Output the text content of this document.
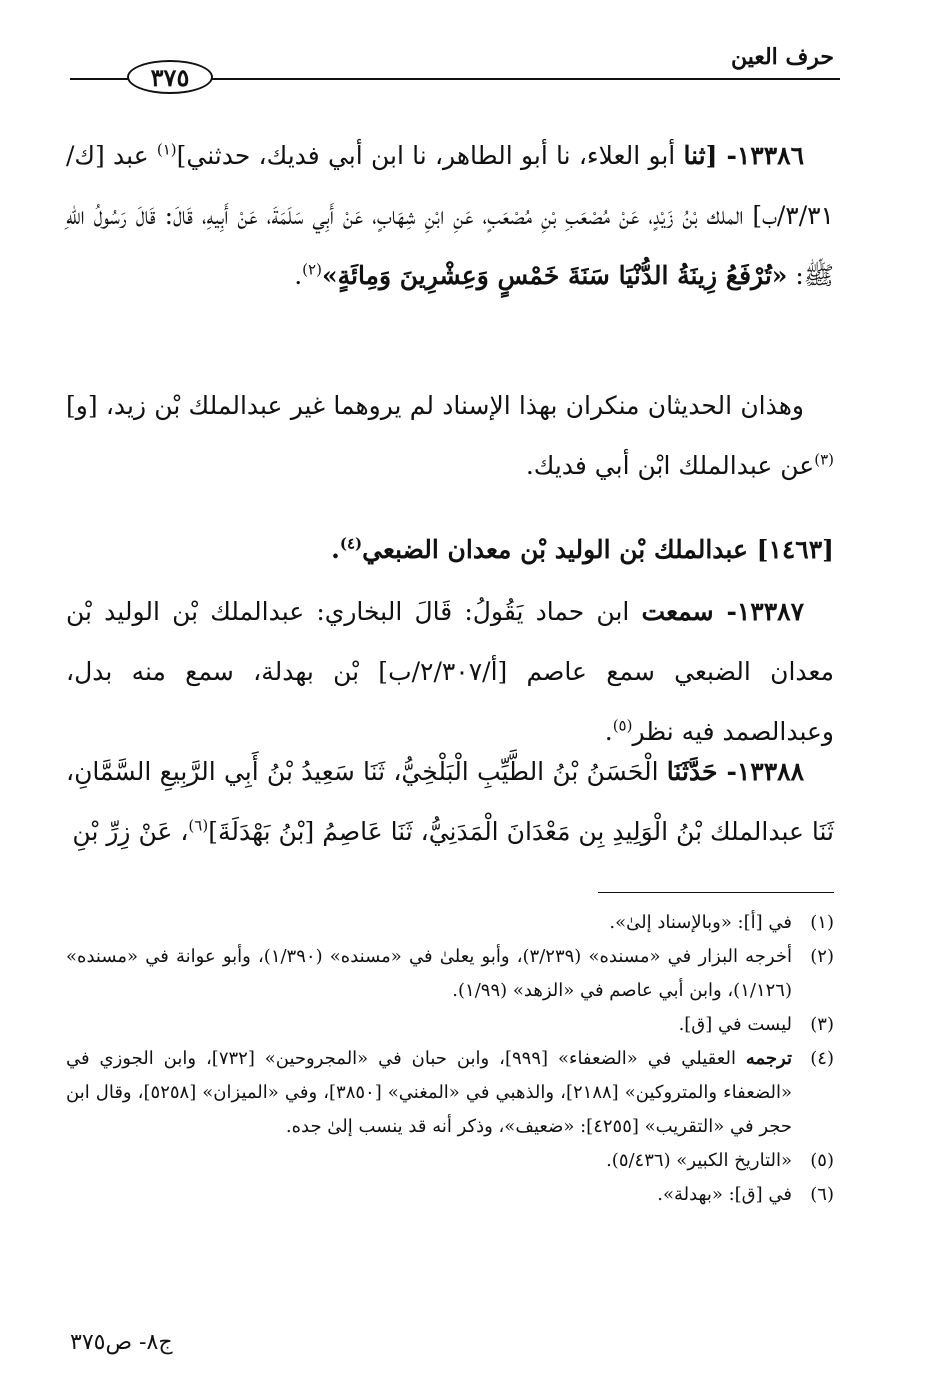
حرف العين
٣٧٥

١٣٣٨٦- [ثنا أبو العلاء، نا أبو الطاهر، نا ابن أبي فديك، حدثني]$^{(١)}$ عبد [ك/٣/٣١/ب] الملك بْنُ زَيْدٍ، عَنْ مُصْعَبِ بْنِ مُصْعَبٍ، عَنِ ابْنِ شِهَابٍ، عَنْ أَبِي سَلَمَةَ، عَنْ أَبِيهِ، قَالَ: قَالَ رَسُولُ اللهِ ﷺ: «تُرْفَعُ زِينَةُ الدُّنْيَا سَنَةَ خَمْسٍ وَعِشْرِينَ وَمِائَةٍ»$^{(٢)}$.

وهذان الحديثان منكران بهذا الإسناد لم يروهما غير عبدالملك بْن زيد، [و]$^{(٣)}$عن عبدالملك ابْن أبي فديك.

[١٤٦٣] عبدالملك بْن الوليد بْن معدان الضبعي$^{(٤)}$.

١٣٣٨٧- سمعت ابن حماد يَقُولُ: قَالَ البخاري: عبدالملك بْن الوليد بْن معدان الضبعي سمع عاصم [أ/٢/٣٠٧/ب] بْن بهدلة، سمع منه بدل، وعبدالصمد فيه نظر$^{(٥)}$.

١٣٣٨٨- حَدَّثَنَا الْحَسَنُ بْنُ الطَّيِّبِ الْبَلْخِيُّ، ثَنَا سَعِيدُ بْنُ أَبِي الرَّبِيعِ السَّمَّانِ، ثَنَا عبدالملك بْنُ الْوَلِيدِ بِن مَعْدَانَ الْمَدَنِيُّ، ثَنَا عَاصِمُ [بْنُ بَهْدَلَةَ]$^{(٦)}$، عَنْ زِرِّ بْنِ

(١)
في [أ]: «وبالإسناد إلىٰ».

(٢)
أخرجه البزار في «مسنده» (٣/٢٣٩)، وأبو يعلىٰ في «مسنده» (١/٣٩٠)، وأبو عوانة في «مسنده» (١/١٢٦)، وابن أبي عاصم في «الزهد» (١/٩٩).

(٣)
ليست في [ق].

(٤)
ترجمه العقيلي في «الضعفاء» [٩٩٩]، وابن حبان في «المجروحين» [٧٣٢]، وابن الجوزي في «الضعفاء والمتروكين» [٢١٨٨]، والذهبي في «المغني» [٣٨٥٠]، وفي «الميزان» [٥٢٥٨]، وقال ابن حجر في «التقريب» [٤٢٥٥]: «ضعيف»، وذكر أنه قد ينسب إلىٰ جده.

(٥)
«التاريخ الكبير» (٥/٤٣٦).

(٦)
في [ق]: «بهدلة».

ج٨- ص٣٧٥
